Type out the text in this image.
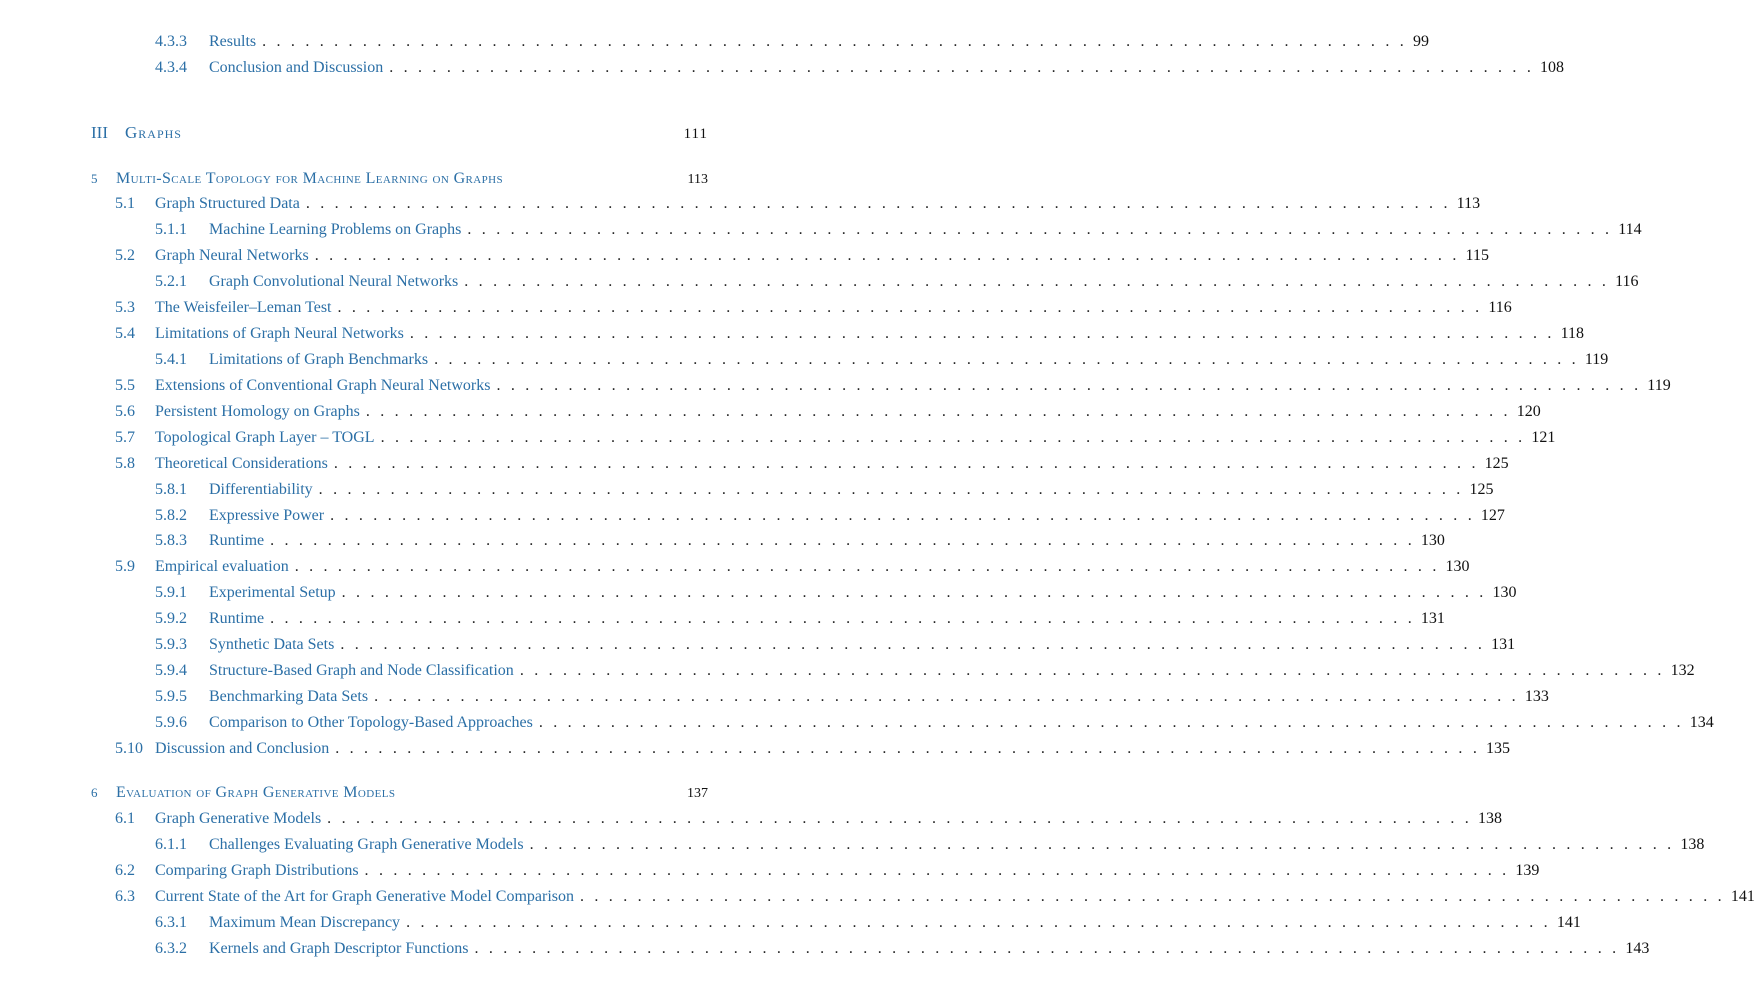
4.3.3	Results . . . . . . . . . . . . . . . . . . . . . . . . . . . . . . . . . . . . . . . . . . . . . . . . . . . . . . . . . . . . . . . . . . . . . . . . . . . . . . . . 99
4.3.4	Conclusion and Discussion . . . . . . . . . . . . . . . . . . . . . . . . . . . . . . . . . . . . . . . . . . . . . . . . . . . . . . . . . . . . . . . . . . . . . . . . . . . . . . . . 108
III	Graphs	111
5	Multi-Scale Topology for Machine Learning on Graphs	113
5.1	Graph Structured Data . . . . . . . . . . . . . . . . . . . . . . . . . . . . . . . . . . . . . . . . . . . . . . . . . . . . . . . . . . . . . . . . . . . . . . . . . . . . . . . . 113
5.1.1	Machine Learning Problems on Graphs . . . . . . . . . . . . . . . . . . . . . . . . . . . . . . . . . . . . . . . . . . . . . . . . . . . . . . . . . . . . . . . . . . . . . . . . . . . . . . . . 114
5.2	Graph Neural Networks . . . . . . . . . . . . . . . . . . . . . . . . . . . . . . . . . . . . . . . . . . . . . . . . . . . . . . . . . . . . . . . . . . . . . . . . . . . . . . . . 115
5.2.1	Graph Convolutional Neural Networks . . . . . . . . . . . . . . . . . . . . . . . . . . . . . . . . . . . . . . . . . . . . . . . . . . . . . . . . . . . . . . . . . . . . . . . . . . . . . . . . 116
5.3	The Weisfeiler–Leman Test . . . . . . . . . . . . . . . . . . . . . . . . . . . . . . . . . . . . . . . . . . . . . . . . . . . . . . . . . . . . . . . . . . . . . . . . . . . . . . . . 116
5.4	Limitations of Graph Neural Networks . . . . . . . . . . . . . . . . . . . . . . . . . . . . . . . . . . . . . . . . . . . . . . . . . . . . . . . . . . . . . . . . . . . . . . . . . . . . . . . . 118
5.4.1	Limitations of Graph Benchmarks . . . . . . . . . . . . . . . . . . . . . . . . . . . . . . . . . . . . . . . . . . . . . . . . . . . . . . . . . . . . . . . . . . . . . . . . . . . . . . . . 119
5.5	Extensions of Conventional Graph Neural Networks . . . . . . . . . . . . . . . . . . . . . . . . . . . . . . . . . . . . . . . . . . . . . . . . . . . . . . . . . . . . . . . . . . . . . . . . . . . . . . . . 119
5.6	Persistent Homology on Graphs . . . . . . . . . . . . . . . . . . . . . . . . . . . . . . . . . . . . . . . . . . . . . . . . . . . . . . . . . . . . . . . . . . . . . . . . . . . . . . . . 120
5.7	Topological Graph Layer – TOGL . . . . . . . . . . . . . . . . . . . . . . . . . . . . . . . . . . . . . . . . . . . . . . . . . . . . . . . . . . . . . . . . . . . . . . . . . . . . . . . . 121
5.8	Theoretical Considerations . . . . . . . . . . . . . . . . . . . . . . . . . . . . . . . . . . . . . . . . . . . . . . . . . . . . . . . . . . . . . . . . . . . . . . . . . . . . . . . . 125
5.8.1	Differentiability . . . . . . . . . . . . . . . . . . . . . . . . . . . . . . . . . . . . . . . . . . . . . . . . . . . . . . . . . . . . . . . . . . . . . . . . . . . . . . . . 125
5.8.2	Expressive Power . . . . . . . . . . . . . . . . . . . . . . . . . . . . . . . . . . . . . . . . . . . . . . . . . . . . . . . . . . . . . . . . . . . . . . . . . . . . . . . . 127
5.8.3	Runtime . . . . . . . . . . . . . . . . . . . . . . . . . . . . . . . . . . . . . . . . . . . . . . . . . . . . . . . . . . . . . . . . . . . . . . . . . . . . . . . . 130
5.9	Empirical evaluation . . . . . . . . . . . . . . . . . . . . . . . . . . . . . . . . . . . . . . . . . . . . . . . . . . . . . . . . . . . . . . . . . . . . . . . . . . . . . . . . 130
5.9.1	Experimental Setup . . . . . . . . . . . . . . . . . . . . . . . . . . . . . . . . . . . . . . . . . . . . . . . . . . . . . . . . . . . . . . . . . . . . . . . . . . . . . . . . 130
5.9.2	Runtime . . . . . . . . . . . . . . . . . . . . . . . . . . . . . . . . . . . . . . . . . . . . . . . . . . . . . . . . . . . . . . . . . . . . . . . . . . . . . . . . 131
5.9.3	Synthetic Data Sets . . . . . . . . . . . . . . . . . . . . . . . . . . . . . . . . . . . . . . . . . . . . . . . . . . . . . . . . . . . . . . . . . . . . . . . . . . . . . . . . 131
5.9.4	Structure-Based Graph and Node Classification . . . . . . . . . . . . . . . . . . . . . . . . . . . . . . . . . . . . . . . . . . . . . . . . . . . . . . . . . . . . . . . . . . . . . . . . . . . . . . . . 132
5.9.5	Benchmarking Data Sets . . . . . . . . . . . . . . . . . . . . . . . . . . . . . . . . . . . . . . . . . . . . . . . . . . . . . . . . . . . . . . . . . . . . . . . . . . . . . . . . 133
5.9.6	Comparison to Other Topology-Based Approaches . . . . . . . . . . . . . . . . . . . . . . . . . . . . . . . . . . . . . . . . . . . . . . . . . . . . . . . . . . . . . . . . . . . . . . . . . . . . . . . . 134
5.10 Discussion and Conclusion . . . . . . . . . . . . . . . . . . . . . . . . . . . . . . . . . . . . . . . . . . . . . . . . . . . . . . . . . . . . . . . . . . . . . . . . . . . . . . . . 135
6	Evaluation of Graph Generative Models	137
6.1	Graph Generative Models . . . . . . . . . . . . . . . . . . . . . . . . . . . . . . . . . . . . . . . . . . . . . . . . . . . . . . . . . . . . . . . . . . . . . . . . . . . . . . . . 138
6.1.1	Challenges Evaluating Graph Generative Models . . . . . . . . . . . . . . . . . . . . . . . . . . . . . . . . . . . . . . . . . . . . . . . . . . . . . . . . . . . . . . . . . . . . . . . . . . . . . . . . 138
6.2	Comparing Graph Distributions . . . . . . . . . . . . . . . . . . . . . . . . . . . . . . . . . . . . . . . . . . . . . . . . . . . . . . . . . . . . . . . . . . . . . . . . . . . . . . . . 139
6.3	Current State of the Art for Graph Generative Model Comparison . . . . . . . . . . . . . . . . . . . . . . . . . . . . . . . . . . . . . . . . . . . . . . . . . . . . . . . . . . . . . . . . . . . . . . . . . . . . . . . . 141
6.3.1	Maximum Mean Discrepancy . . . . . . . . . . . . . . . . . . . . . . . . . . . . . . . . . . . . . . . . . . . . . . . . . . . . . . . . . . . . . . . . . . . . . . . . . . . . . . . . 141
6.3.2	Kernels and Graph Descriptor Functions . . . . . . . . . . . . . . . . . . . . . . . . . . . . . . . . . . . . . . . . . . . . . . . . . . . . . . . . . . . . . . . . . . . . . . . . . . . . . . . . 143
